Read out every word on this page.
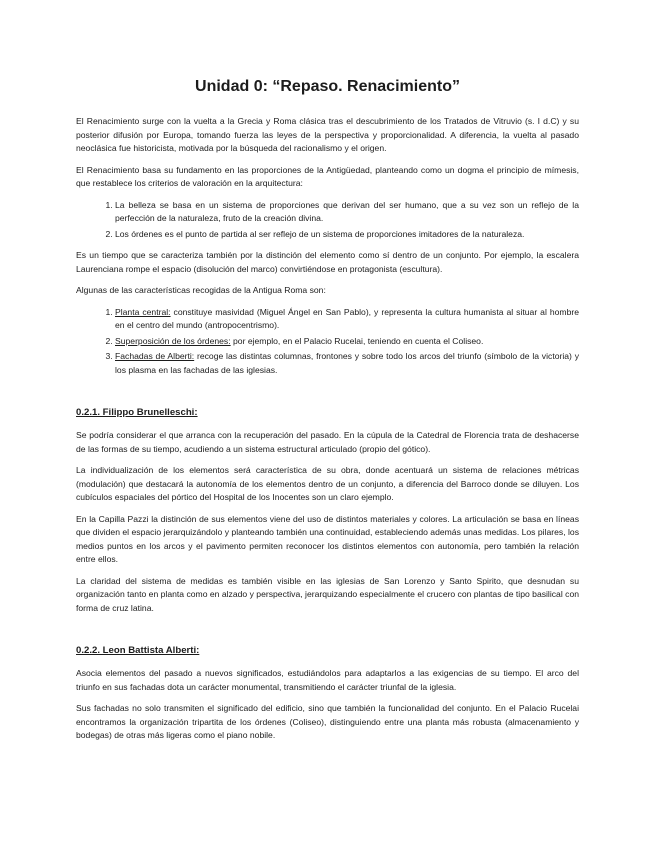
Unidad 0: “Repaso. Renacimiento”

El Renacimiento surge con la vuelta a la Grecia y Roma clásica tras el descubrimiento de los Tratados de Vitruvio (s. I d.C) y su posterior difusión por Europa, tomando fuerza las leyes de la perspectiva y proporcionalidad. A diferencia, la vuelta al pasado neoclásica fue historicista, motivada por la búsqueda del racionalismo y el origen.

El Renacimiento basa su fundamento en las proporciones de la Antigüedad, planteando como un dogma el principio de mímesis, que restablece los criterios de valoración en la arquitectura:

1. La belleza se basa en un sistema de proporciones que derivan del ser humano, que a su vez son un reflejo de la perfección de la naturaleza, fruto de la creación divina.
2. Los órdenes es el punto de partida al ser reflejo de un sistema de proporciones imitadores de la naturaleza.

Es un tiempo que se caracteriza también por la distinción del elemento como sí dentro de un conjunto. Por ejemplo, la escalera Laurenciana rompe el espacio (disolución del marco) convirtiéndose en protagonista (escultura).

Algunas de las características recogidas de la Antigua Roma son:

1. Planta central: constituye masividad (Miguel Ángel en San Pablo), y representa la cultura humanista al situar al hombre en el centro del mundo (antropocentrismo).
2. Superposición de los órdenes: por ejemplo, en el Palacio Rucelai, teniendo en cuenta el Coliseo.
3. Fachadas de Alberti: recoge las distintas columnas, frontones y sobre todo los arcos del triunfo (símbolo de la victoria) y los plasma en las fachadas de las iglesias.
0.2.1. Filippo Brunelleschi:

Se podría considerar el que arranca con la recuperación del pasado. En la cúpula de la Catedral de Florencia trata de deshacerse de las formas de su tiempo, acudiendo a un sistema estructural articulado (propio del gótico).

La individualización de los elementos será característica de su obra, donde acentuará un sistema de relaciones métricas (modulación) que destacará la autonomía de los elementos dentro de un conjunto, a diferencia del Barroco donde se diluyen. Los cubículos espaciales del pórtico del Hospital de los Inocentes son un claro ejemplo.

En la Capilla Pazzi la distinción de sus elementos viene del uso de distintos materiales y colores. La articulación se basa en líneas que dividen el espacio jerarquizándolo y planteando también una continuidad, estableciendo además unas medidas. Los pilares, los medios puntos en los arcos y el pavimento permiten reconocer los distintos elementos con autonomía, pero también la relación entre ellos.

La claridad del sistema de medidas es también visible en las iglesias de San Lorenzo y Santo Spirito, que desnudan su organización tanto en planta como en alzado y perspectiva, jerarquizando especialmente el crucero con plantas de tipo basilical con forma de cruz latina.

0.2.2. Leon Battista Alberti:

Asocia elementos del pasado a nuevos significados, estudiándolos para adaptarlos a las exigencias de su tiempo. El arco del triunfo en sus fachadas dota un carácter monumental, transmitiendo el carácter triunfal de la iglesia.

Sus fachadas no solo transmiten el significado del edificio, sino que también la funcionalidad del conjunto. En el Palacio Rucelai encontramos la organización tripartita de los órdenes (Coliseo), distinguiendo entre una planta más robusta (almacenamiento y bodegas) de otras más ligeras como el piano nobile.
